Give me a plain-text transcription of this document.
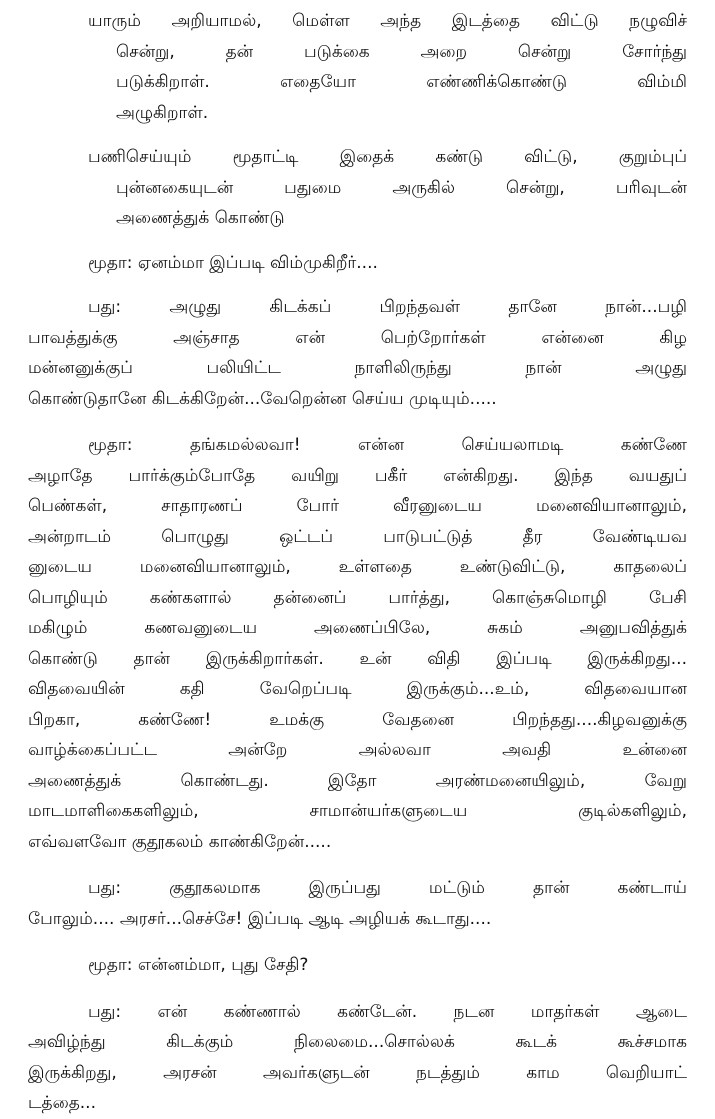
யாரும் அறியாமல், மெள்ள அந்த இடத்தை விட்டு நழுவிச்
சென்று, தன் படுக்கை அறை சென்று சோர்ந்து
படுக்கிறாள். எதையோ எண்ணிக்கொண்டு விம்மி
அழுகிறாள்.
பணிசெய்யும் மூதாட்டி இதைக் கண்டு விட்டு, குறும்புப்
புன்னகையுடன் பதுமை அருகில் சென்று, பரிவுடன்
அணைத்துக் கொண்டு
மூதா: ஏனம்மா இப்படி விம்முகிறீர்....
பது: அழுது கிடக்கப் பிறந்தவள் தானே நான்...பழி
பாவத்துக்கு அஞ்சாத என் பெற்றோர்கள் என்னை கிழ
மன்னனுக்குப் பலியிட்ட நாளிலிருந்து நான் அழுது
கொண்டுதானே கிடக்கிறேன்...வேறென்ன செய்ய முடியும்.....
மூதா: தங்கமல்லவா! என்ன செய்யலாமடி கண்ணே
அழாதே பார்க்கும்போதே வயிறு பகீர் என்கிறது. இந்த வயதுப்
பெண்கள், சாதாரணப் போர் வீரனுடைய மனைவியானாலும்,
அன்றாடம் பொழுது ஒட்டப் பாடுபட்டுத் தீர வேண்டியவ
னுடைய மனைவியானாலும், உள்ளதை உண்டுவிட்டு, காதலைப்
பொழியும் கண்களால் தன்னைப் பார்த்து, கொஞ்சுமொழி பேசி
மகிழும் கணவனுடைய அணைப்பிலே, சுகம் அனுபவித்துக்
கொண்டு தான் இருக்கிறார்கள். உன் விதி இப்படி இருக்கிறது...
விதவையின் கதி வேறெப்படி இருக்கும்...உம், விதவையான
பிறகா, கண்ணே! உமக்கு வேதனை பிறந்தது....கிழவனுக்கு
வாழ்க்கைப்பட்ட அன்றே அல்லவா அவதி உன்னை
அணைத்துக் கொண்டது. இதோ அரண்மனையிலும், வேறு
மாடமாளிகைகளிலும், சாமான்யர்களுடைய குடில்களிலும்,
எவ்வளவோ குதூகலம் காண்கிறேன்.....
பது: குதூகலமாக இருப்பது மட்டும் தான் கண்டாய்
போலும்.... அரசர்...செச்சே! இப்படி ஆடி அழியக் கூடாது....
மூதா: என்னம்மா, புது சேதி?
பது: என் கண்ணால் கண்டேன். நடன மாதர்கள் ஆடை
அவிழ்ந்து கிடக்கும் நிலைமை...சொல்லக் கூடக் கூச்சமாக
இருக்கிறது, அரசன் அவர்களுடன் நடத்தும் காம வெறியாட்
டத்தை...
